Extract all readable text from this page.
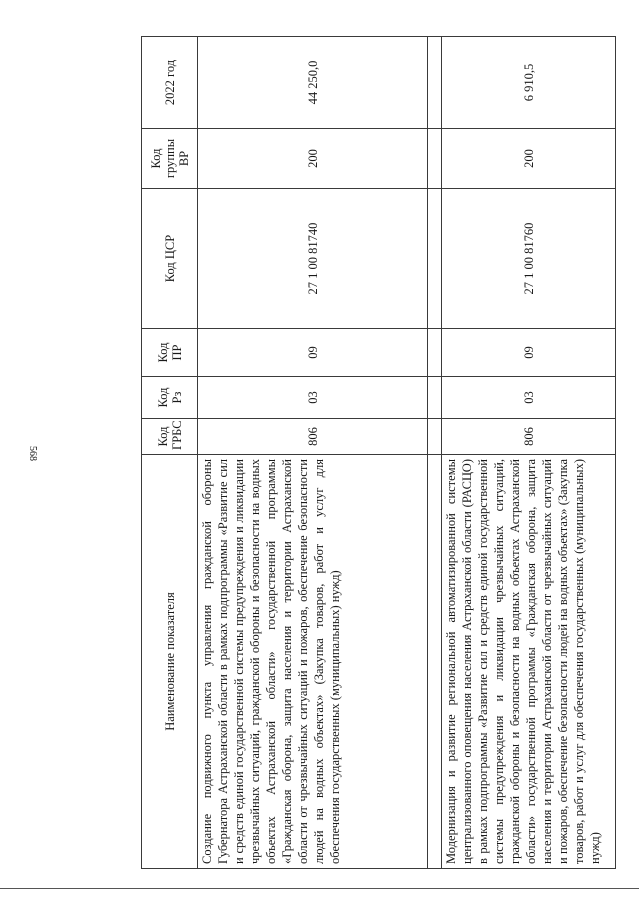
568
Наименование показателя	Код ГРБС	Код Рз	Код ПР	Код ЦСР	Код группы ВР	2022 год
Создание подвижного пункта управления гражданской обороны Губернатора Астраханской области в рамках подпрограммы «Развитие сил и средств единой государственной системы предупреждения и ликвидации чрезвычайных ситуаций, гражданской обороны и безопасности на водных объектах Астраханской области» государственной программы «Гражданская оборона, защита населения и территории Астраханской области от чрезвычайных ситуаций и пожаров, обеспечение безопасности людей на водных объектах» (Закупка товаров, работ и услуг для обеспечения государственных (муниципальных) нужд)	806	03	09	27 1 00 81740	200	44 250,0

Модернизация и развитие региональной автоматизированной системы централизованного оповещения населения Астраханской области (РАСЦО) в рамках подпрограммы «Развитие сил и средств единой государственной системы предупреждения и ликвидации чрезвычайных ситуаций, гражданской обороны и безопасности на водных объектах Астраханской области» государственной программы «Гражданская оборона, защита населения и территории Астраханской области от чрезвычайных ситуаций и пожаров, обеспечение безопасности людей на водных объектах» (Закупка товаров, работ и услуг для обеспечения государственных (муниципальных) нужд)	806	03	09	27 1 00 81760	200	6 910,5
